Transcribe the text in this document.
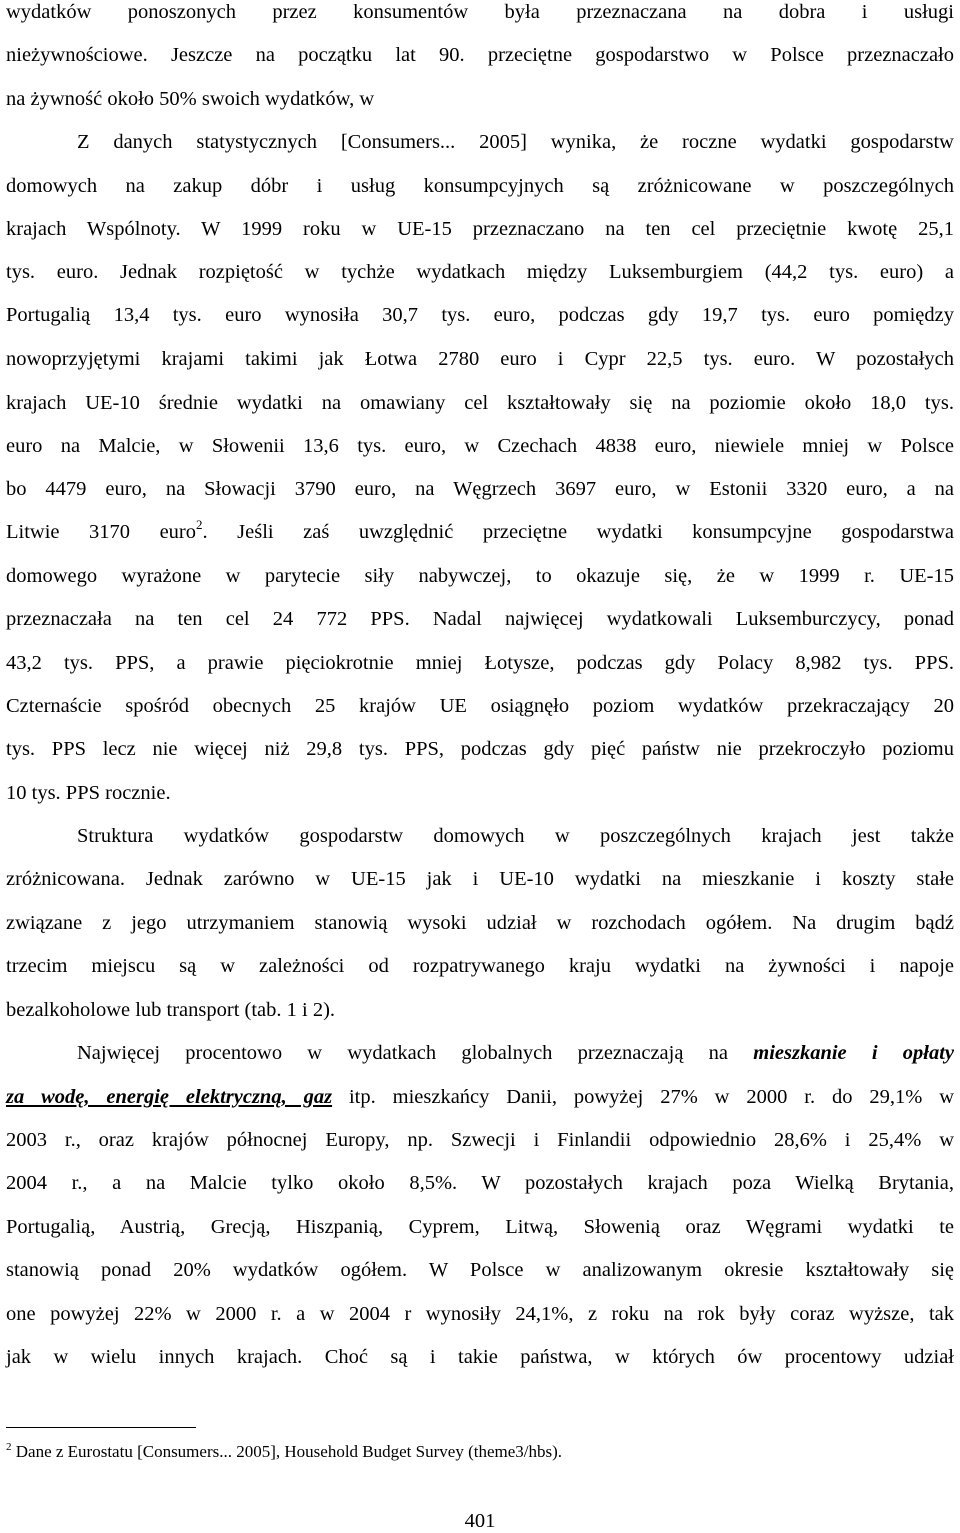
wydatków ponoszonych przez konsumentów była przeznaczana na dobra i usługi
nieżywnościowe. Jeszcze na początku lat 90. przeciętne gospodarstwo w Polsce przeznaczało
na żywność około 50% swoich wydatków, w
Z danych statystycznych [Consumers... 2005] wynika, że roczne wydatki gospodarstw
domowych na zakup dóbr i usług konsumpcyjnych są zróżnicowane w poszczególnych
krajach Wspólnoty. W 1999 roku w UE-15 przeznaczano na ten cel przeciętnie kwotę 25,1
tys. euro. Jednak rozpiętość w tychże wydatkach między Luksemburgiem (44,2 tys. euro) a
Portugalią 13,4 tys. euro wynosiła 30,7 tys. euro, podczas gdy 19,7 tys. euro pomiędzy
nowoprzyjętymi krajami takimi jak Łotwa 2780 euro i Cypr 22,5 tys. euro. W pozostałych
krajach UE-10 średnie wydatki na omawiany cel kształtowały się na poziomie około 18,0 tys.
euro na Malcie, w Słowenii 13,6 tys. euro, w Czechach 4838 euro, niewiele mniej w Polsce
bo 4479 euro, na Słowacji 3790 euro, na Węgrzech 3697 euro, w Estonii 3320 euro, a na
Litwie 3170 euro$^2$. Jeśli zaś uwzględnić przeciętne wydatki konsumpcyjne gospodarstwa
domowego wyrażone w parytecie siły nabywczej, to okazuje się, że w 1999 r. UE-15
przeznaczała na ten cel 24 772 PPS. Nadal najwięcej wydatkowali Luksemburczycy, ponad
43,2 tys. PPS, a prawie pięciokrotnie mniej Łotysze, podczas gdy Polacy 8,982 tys. PPS.
Czternaście spośród obecnych 25 krajów UE osiągnęło poziom wydatków przekraczający 20
tys. PPS lecz nie więcej niż 29,8 tys. PPS, podczas gdy pięć państw nie przekroczyło poziomu
10 tys. PPS rocznie.
Struktura wydatków gospodarstw domowych w poszczególnych krajach jest także
zróżnicowana. Jednak zarówno w UE-15 jak i UE-10 wydatki na mieszkanie i koszty stałe
związane z jego utrzymaniem stanowią wysoki udział w rozchodach ogółem. Na drugim bądź
trzecim miejscu są w zależności od rozpatrywanego kraju wydatki na żywności i napoje
bezalkoholowe lub transport (tab. 1 i 2).
Najwięcej procentowo w wydatkach globalnych przeznaczają na mieszkanie i opłaty
za wodę, energię elektryczną, gaz itp. mieszkańcy Danii, powyżej 27% w 2000 r. do 29,1% w
2003 r., oraz krajów północnej Europy, np. Szwecji i Finlandii odpowiednio 28,6% i 25,4% w
2004 r., a na Malcie tylko około 8,5%. W pozostałych krajach poza Wielką Brytania,
Portugalią, Austrią, Grecją, Hiszpanią, Cyprem, Litwą, Słowenią oraz Węgrami wydatki te
stanowią ponad 20% wydatków ogółem. W Polsce w analizowanym okresie kształtowały się
one powyżej 22% w 2000 r. a w 2004 r wynosiły 24,1%, z roku na rok były coraz wyższe, tak
jak w wielu innych krajach. Choć są i takie państwa, w których ów procentowy udział
$^2$ Dane z Eurostatu [Consumers... 2005], Household Budget Survey (theme3/hbs).
401
